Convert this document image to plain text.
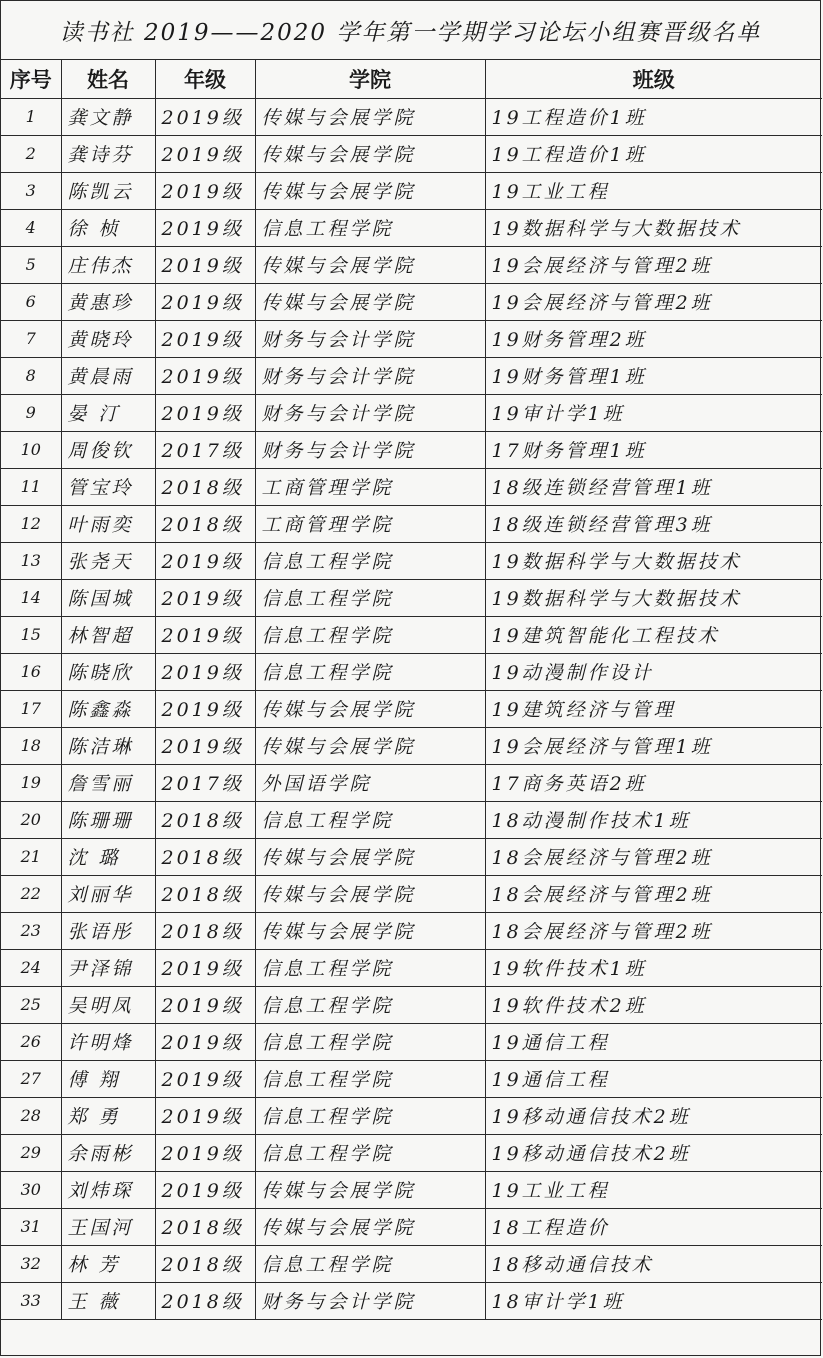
读书社 2019——2020 学年第一学期学习论坛小组赛晋级名单
序号	姓名	年级	学院	班级
1	龚文静	2019级	传媒与会展学院	19工程造价1班
2	龚诗芬	2019级	传媒与会展学院	19工程造价1班
3	陈凯云	2019级	传媒与会展学院	19工业工程
4	徐 桢	2019级	信息工程学院	19数据科学与大数据技术
5	庄伟杰	2019级	传媒与会展学院	19会展经济与管理2班
6	黄惠珍	2019级	传媒与会展学院	19会展经济与管理2班
7	黄晓玲	2019级	财务与会计学院	19财务管理2班
8	黄晨雨	2019级	财务与会计学院	19财务管理1班
9	晏 汀	2019级	财务与会计学院	19审计学1班
10	周俊钦	2017级	财务与会计学院	17财务管理1班
11	管宝玲	2018级	工商管理学院	18级连锁经营管理1班
12	叶雨奕	2018级	工商管理学院	18级连锁经营管理3班
13	张尧天	2019级	信息工程学院	19数据科学与大数据技术
14	陈国城	2019级	信息工程学院	19数据科学与大数据技术
15	林智超	2019级	信息工程学院	19建筑智能化工程技术
16	陈晓欣	2019级	信息工程学院	19动漫制作设计
17	陈鑫淼	2019级	传媒与会展学院	19建筑经济与管理
18	陈洁琳	2019级	传媒与会展学院	19会展经济与管理1班
19	詹雪丽	2017级	外国语学院	17商务英语2班
20	陈珊珊	2018级	信息工程学院	18动漫制作技术1班
21	沈 璐	2018级	传媒与会展学院	18会展经济与管理2班
22	刘丽华	2018级	传媒与会展学院	18会展经济与管理2班
23	张语彤	2018级	传媒与会展学院	18会展经济与管理2班
24	尹泽锦	2019级	信息工程学院	19软件技术1班
25	吴明凤	2019级	信息工程学院	19软件技术2班
26	许明烽	2019级	信息工程学院	19通信工程
27	傅 翔	2019级	信息工程学院	19通信工程
28	郑 勇	2019级	信息工程学院	19移动通信技术2班
29	余雨彬	2019级	信息工程学院	19移动通信技术2班
30	刘炜琛	2019级	传媒与会展学院	19工业工程
31	王国河	2018级	传媒与会展学院	18工程造价
32	林 芳	2018级	信息工程学院	18移动通信技术
33	王 薇	2018级	财务与会计学院	18审计学1班
